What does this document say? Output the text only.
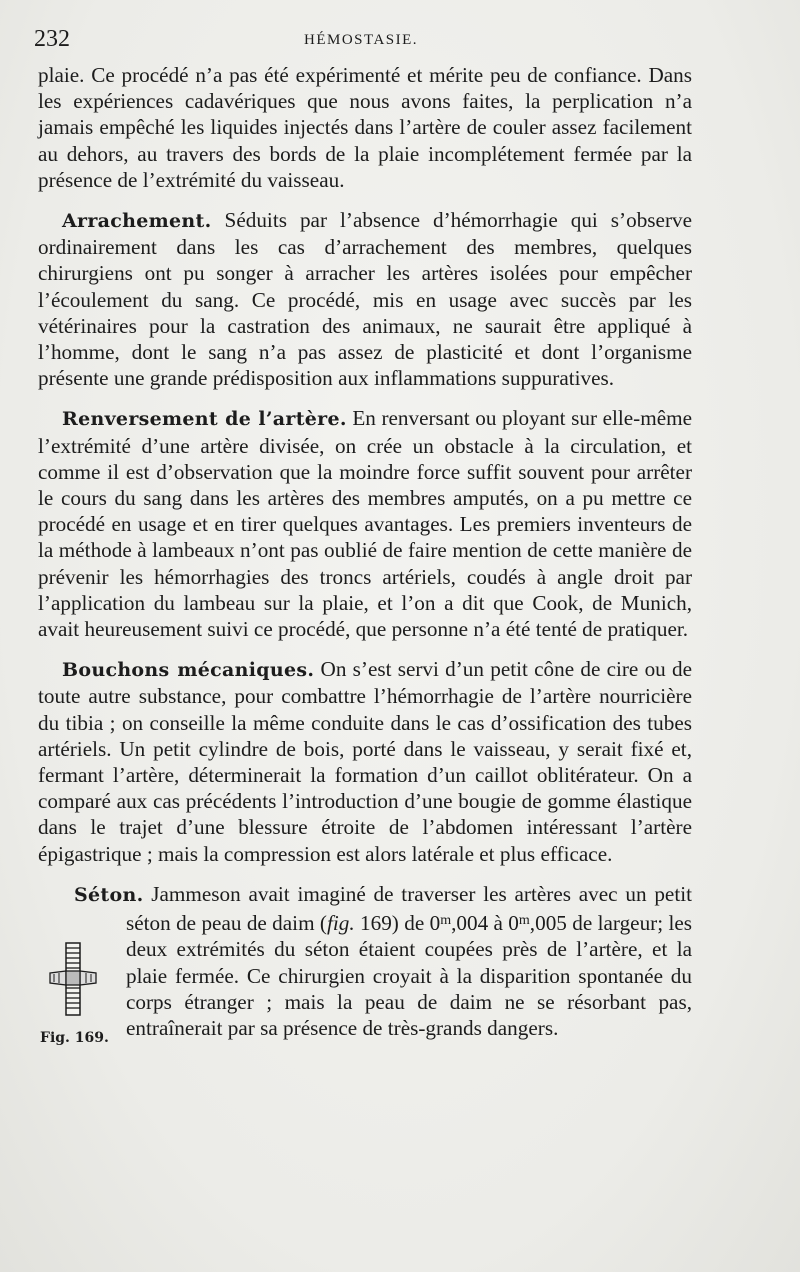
232	HÉMOSTASIE.

plaie. Ce procédé n’a pas été expérimenté et mérite peu de confiance. Dans les expériences cadavériques que nous avons faites, la perplication n’a jamais empêché les liquides injectés dans l’artère de couler assez facilement au dehors, au travers des bords de la plaie incomplétement fermée par la présence de l’extrémité du vaisseau.

Arrachement. Séduits par l’absence d’hémorrhagie qui s’observe ordinairement dans les cas d’arrachement des membres, quelques chirurgiens ont pu songer à arracher les artères isolées pour empêcher l’écoulement du sang. Ce procédé, mis en usage avec succès par les vétérinaires pour la castration des animaux, ne saurait être appliqué à l’homme, dont le sang n’a pas assez de plasticité et dont l’organisme présente une grande prédisposition aux inflammations suppuratives.

Renversement de l’artère. En renversant ou ployant sur elle-même l’extrémité d’une artère divisée, on crée un obstacle à la circulation, et comme il est d’observation que la moindre force suffit souvent pour arrêter le cours du sang dans les artères des membres amputés, on a pu mettre ce procédé en usage et en tirer quelques avantages. Les premiers inventeurs de la méthode à lambeaux n’ont pas oublié de faire mention de cette manière de prévenir les hémorrhagies des troncs artériels, coudés à angle droit par l’application du lambeau sur la plaie, et l’on a dit que Cook, de Munich, avait heureusement suivi ce procédé, que personne n’a été tenté de pratiquer.

Bouchons mécaniques. On s’est servi d’un petit cône de cire ou de toute autre substance, pour combattre l’hémorrhagie de l’artère nourricière du tibia ; on conseille la même conduite dans le cas d’ossification des tubes artériels. Un petit cylindre de bois, porté dans le vaisseau, y serait fixé et, fermant l’artère, déterminerait la formation d’un caillot oblitérateur. On a comparé aux cas précédents l’introduction d’une bougie de gomme élastique dans le trajet d’une blessure étroite de l’abdomen intéressant l’artère épigastrique ; mais la compression est alors latérale et plus efficace.

Séton. Jammeson avait imaginé de traverser les artères avec un petit séton de peau de daim (fig. 169) de 0$^m$,004 à 0$^m$,005 de largeur; les deux extrémités du séton étaient coupées près de l’artère, et la plaie fermée. Ce chirurgien croyait à la disparition spontanée du corps étranger ; mais la peau de daim ne se résorbant pas, entraînerait par sa présence de très-grands dangers.
Fig. 169.
